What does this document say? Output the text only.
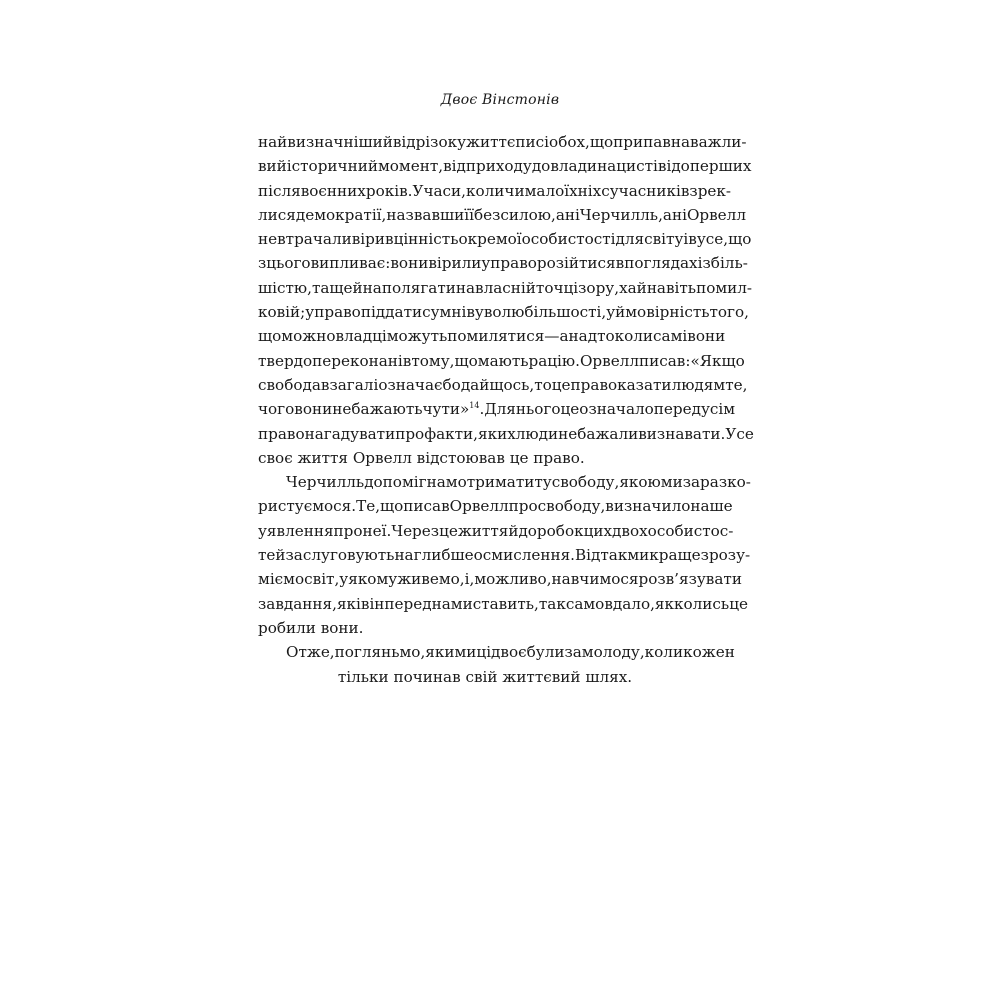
Двоє Вінстонів
найвизначніший відрізок у життєписі обох, що припав на важли-
вий історичний момент, від приходу до влади нацистів і до перших
післявоєнних років. У часи, коли чимало їхніх сучасників зрек-
лися демократії, назвавши її безсилою, ані Черчилль, ані Орвелл
не втрачали віри в цінність окремої особистості для світу і в усе, що
з цього випливає: вони вірили у право розійтися в поглядах із біль-
шістю, та ще й наполягати на власній точці зору, хай навіть помил-
ковій; у право піддати сумніву волю більшості, у ймовірність того,
що можновладці можуть помилятися — а надто коли самі вони
твердо переконані в тому, що мають рацію. Орвелл писав: «Якщо
свобода взагалі означає бодай щось, то це право казати людям те,
чого вони не бажають чути»$^{14}$. Для нього це означало передусім
право нагадувати про факти, яких люди не бажали визнавати. Усе
своє життя Орвелл відстоював це право.
Черчилль допоміг нам отримати ту свободу, якою ми зараз ко-
ристуємося. Те, що писав Орвелл про свободу, визначило наше
уявлення про неї. Через це життя й доробок цих двох особистос-
тей заслуговують на глибше осмислення. Відтак ми краще зрозу-
міємо світ, у якому живемо, і, можливо, навчимося розв’язувати
завдання, які він перед нами ставить, так само вдало, як колись це
робили вони.
Отже, погляньмо, якими ці двоє були замолоду, коли кожен
тільки починав свій життєвий шлях.
